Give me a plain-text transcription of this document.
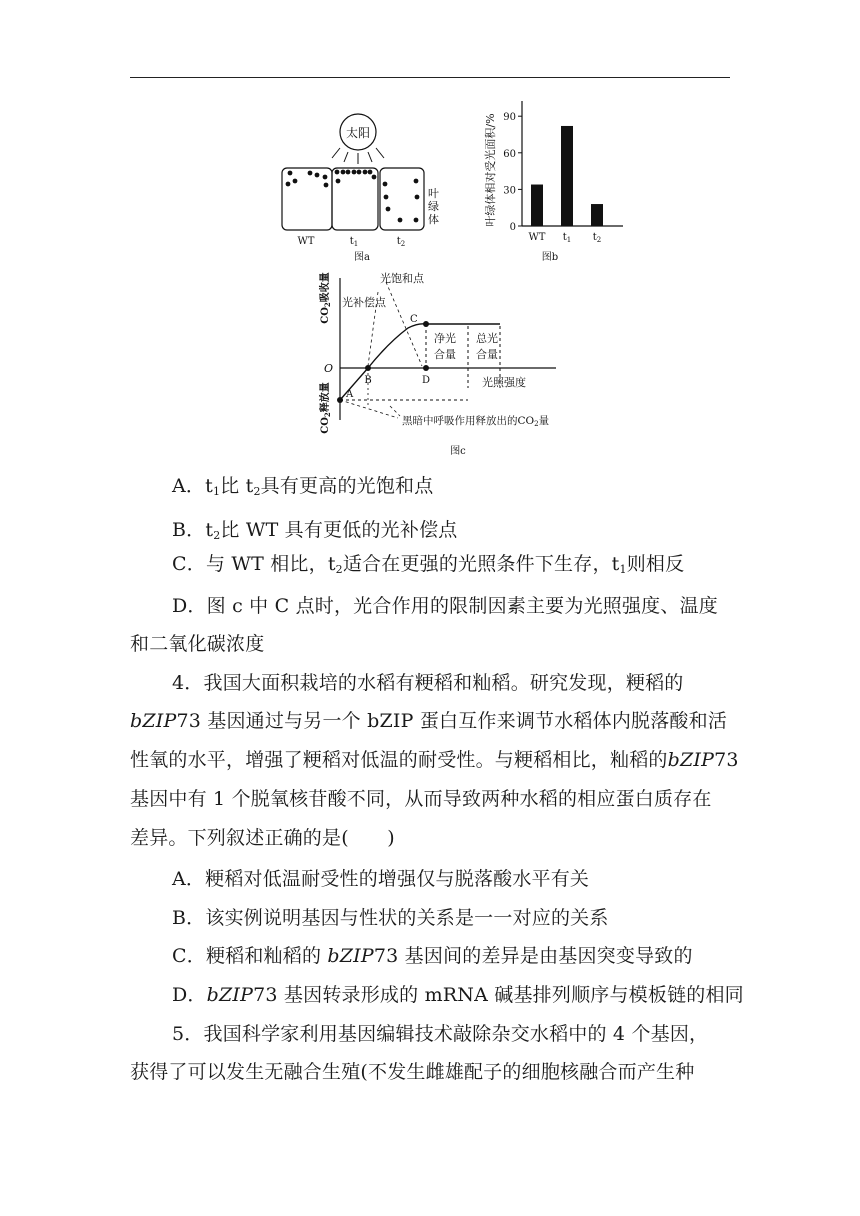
太阳
叶
绿
体
WT	$t_1$	$t_2$
图a
叶绿体相对受光面积/%
0
30
60
90
WT $t_1$ $t_2$
图b
$CO_2$吸收量
$CO_2$释放量
O
A
B
C
D
光饱和点
光补偿点
净光
合量
总光
合量
光照强度
黑暗中呼吸作用释放出的CO2量
图c
A．$t_1$比 $t_2$具有更高的光饱和点
B．$t_2$比 WT 具有更低的光补偿点
C．与 WT 相比，$t_2$适合在更强的光照条件下生存，$t_1$则相反
D．图 c 中 C 点时，光合作用的限制因素主要为光照强度、温度
和二氧化碳浓度
4．我国大面积栽培的水稻有粳稻和籼稻。研究发现，粳稻的
bZIP73 基因通过与另一个 bZIP 蛋白互作来调节水稻体内脱落酸和活
性氧的水平，增强了粳稻对低温的耐受性。与粳稻相比，籼稻的bZIP73
基因中有 1 个脱氧核苷酸不同，从而导致两种水稻的相应蛋白质存在
差异。下列叙述正确的是(　　)
A．粳稻对低温耐受性的增强仅与脱落酸水平有关
B．该实例说明基因与性状的关系是一一对应的关系
C．粳稻和籼稻的 bZIP73 基因间的差异是由基因突变导致的
D．bZIP73 基因转录形成的 mRNA 碱基排列顺序与模板链的相同
5．我国科学家利用基因编辑技术敲除杂交水稻中的 4 个基因，
获得了可以发生无融合生殖(不发生雌雄配子的细胞核融合而产生种
